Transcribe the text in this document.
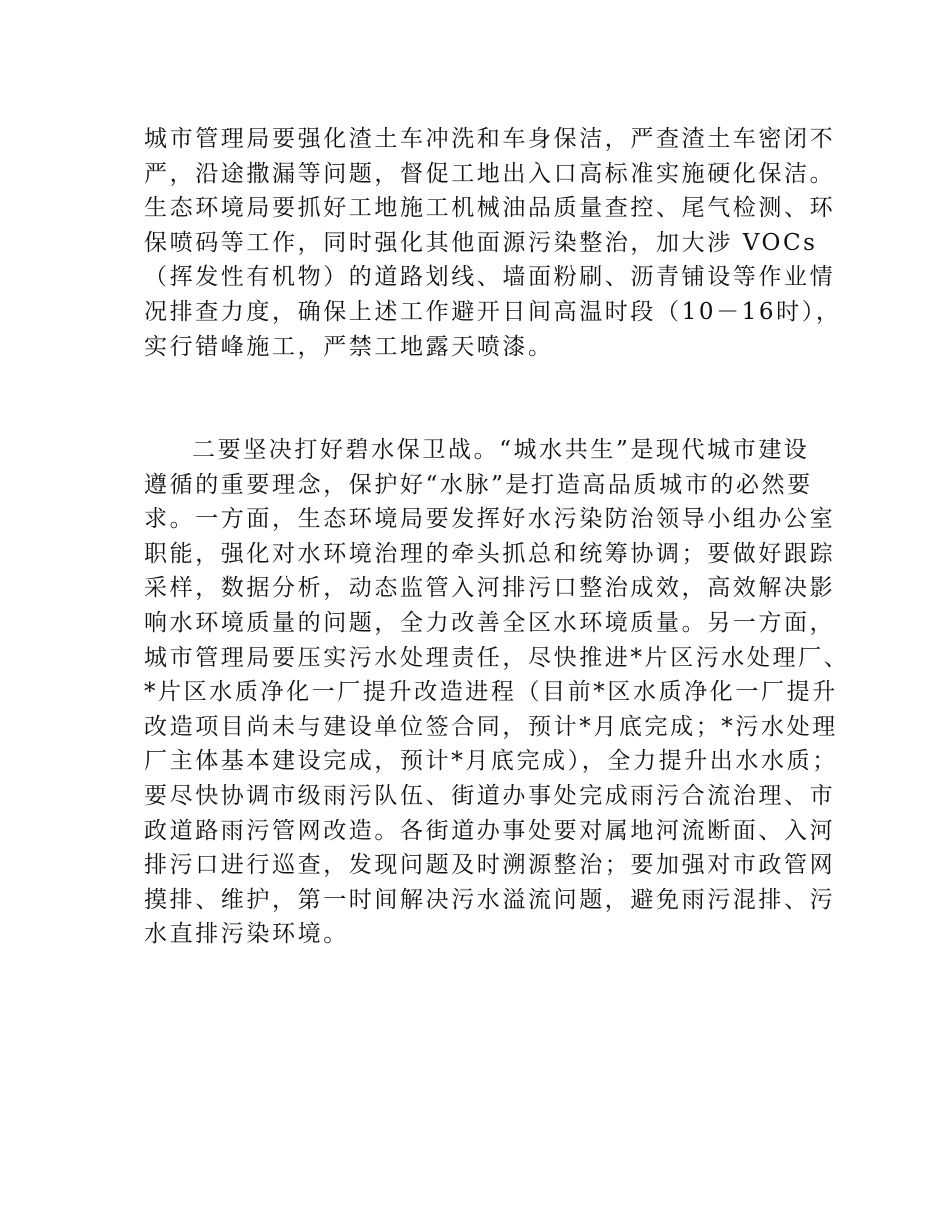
城市管理局要强化渣土车冲洗和车身保洁，严查渣土车密闭不
严，沿途撒漏等问题，督促工地出入口高标准实施硬化保洁。
生态环境局要抓好工地施工机械油品质量查控、尾气检测、环
保喷码等工作，同时强化其他面源污染整治，加大涉 VOCs
（挥发性有机物）的道路划线、墙面粉刷、沥青铺设等作业情
况排查力度，确保上述工作避开日间高温时段（10－16时），
实行错峰施工，严禁工地露天喷漆。
二要坚决打好碧水保卫战。“城水共生”是现代城市建设
遵循的重要理念，保护好“水脉”是打造高品质城市的必然要
求。一方面，生态环境局要发挥好水污染防治领导小组办公室
职能，强化对水环境治理的牵头抓总和统筹协调；要做好跟踪
采样，数据分析，动态监管入河排污口整治成效，高效解决影
响水环境质量的问题，全力改善全区水环境质量。另一方面，
城市管理局要压实污水处理责任，尽快推进*片区污水处理厂、
*片区水质净化一厂提升改造进程（目前*区水质净化一厂提升
改造项目尚未与建设单位签合同，预计*月底完成；*污水处理
厂主体基本建设完成，预计*月底完成），全力提升出水水质；
要尽快协调市级雨污队伍、街道办事处完成雨污合流治理、市
政道路雨污管网改造。各街道办事处要对属地河流断面、入河
排污口进行巡查，发现问题及时溯源整治；要加强对市政管网
摸排、维护，第一时间解决污水溢流问题，避免雨污混排、污
水直排污染环境。
